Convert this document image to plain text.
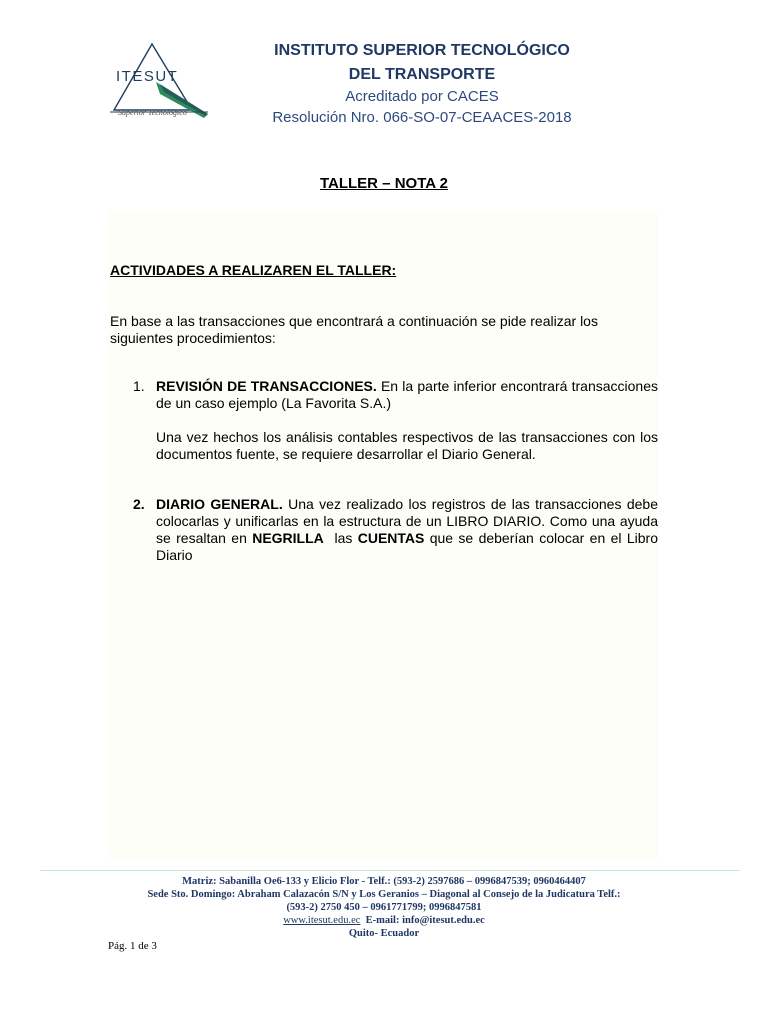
ITESUT
Superior Tecnológico
INSTITUTO SUPERIOR TECNOLÓGICO
DEL TRANSPORTE
Acreditado por CACES
Resolución Nro. 066-SO-07-CEAACES-2018
TALLER – NOTA 2
ACTIVIDADES A REALIZAREN EL TALLER:
En base a las transacciones que encontrará a continuación se pide realizar los siguientes procedimientos:
1. REVISIÓN DE TRANSACCIONES. En la parte inferior encontrará transacciones de un caso ejemplo (La Favorita S.A.)
Una vez hechos los análisis contables respectivos de las transacciones con los documentos fuente, se requiere desarrollar el Diario General.
2. DIARIO GENERAL. Una vez realizado los registros de las transacciones debe colocarlas y unificarlas en la estructura de un LIBRO DIARIO. Como una ayuda se resaltan en NEGRILLA  las CUENTAS que se deberían colocar en el Libro Diario
Matriz: Sabanilla Oe6-133 y Elicio Flor - Telf.: (593-2) 2597686 – 0996847539; 0960464407
Sede Sto. Domingo: Abraham Calazacón S/N y Los Geranios – Diagonal al Consejo de la Judicatura Telf.:
(593-2) 2750 450 – 0961771799; 0996847581
www.itesut.edu.ec  E-mail: info@itesut.edu.ec
Quito- Ecuador
Pág. 1 de 3
